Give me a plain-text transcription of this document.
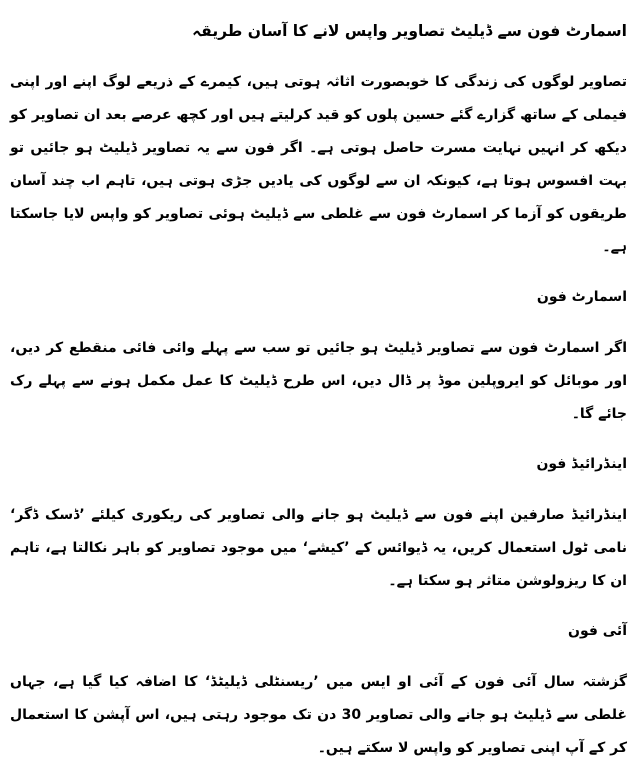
اسمارٹ فون سے ڈیلیٹ تصاویر واپس لانے کا آسان طریقہ

تصاویر لوگوں کی زندگی کا خوبصورت اثاثہ ہوتی ہیں، کیمرے کے ذریعے لوگ اپنے اور اپنی فیملی کے ساتھ گزارے گئے حسین پلوں کو قید کرلیتے ہیں اور کچھ عرصے بعد ان تصاویر کو دیکھ کر انہیں نہایت مسرت حاصل ہوتی ہے۔ اگر فون سے یہ تصاویر ڈیلیٹ ہو جائیں تو بہت افسوس ہوتا ہے، کیونکہ ان سے لوگوں کی یادیں جڑی ہوتی ہیں، تاہم اب چند آسان طریقوں کو آزما کر اسمارٹ فون سے غلطی سے ڈیلیٹ ہوئی تصاویر کو واپس لایا جاسکتا ہے۔

اسمارٹ فون

اگر اسمارٹ فون سے تصاویر ڈیلیٹ ہو جائیں تو سب سے پہلے وائی فائی منقطع کر دیں، اور موبائل کو ایروپلین موڈ پر ڈال دیں، اس طرح ڈیلیٹ کا عمل مکمل ہونے سے پہلے رک جائے گا۔

اینڈرائیڈ فون

اینڈرائیڈ صارفین اپنے فون سے ڈیلیٹ ہو جانے والی تصاویر کی ریکوری کیلئے ’ڈسک ڈگر‘ نامی ٹول استعمال کریں، یہ ڈیوائس کے ’کیشے‘ میں موجود تصاویر کو باہر نکالتا ہے، تاہم ان کا ریزولوشن متاثر ہو سکتا ہے۔

آئی فون

گزشتہ سال آئی فون کے آئی او ایس میں ’ریسنٹلی ڈیلیٹڈ‘ کا اضافہ کیا گیا ہے، جہاں غلطی سے ڈیلیٹ ہو جانے والی تصاویر 30 دن تک موجود رہتی ہیں، اس آپشن کا استعمال کر کے آپ اپنی تصاویر کو واپس لا سکتے ہیں۔
